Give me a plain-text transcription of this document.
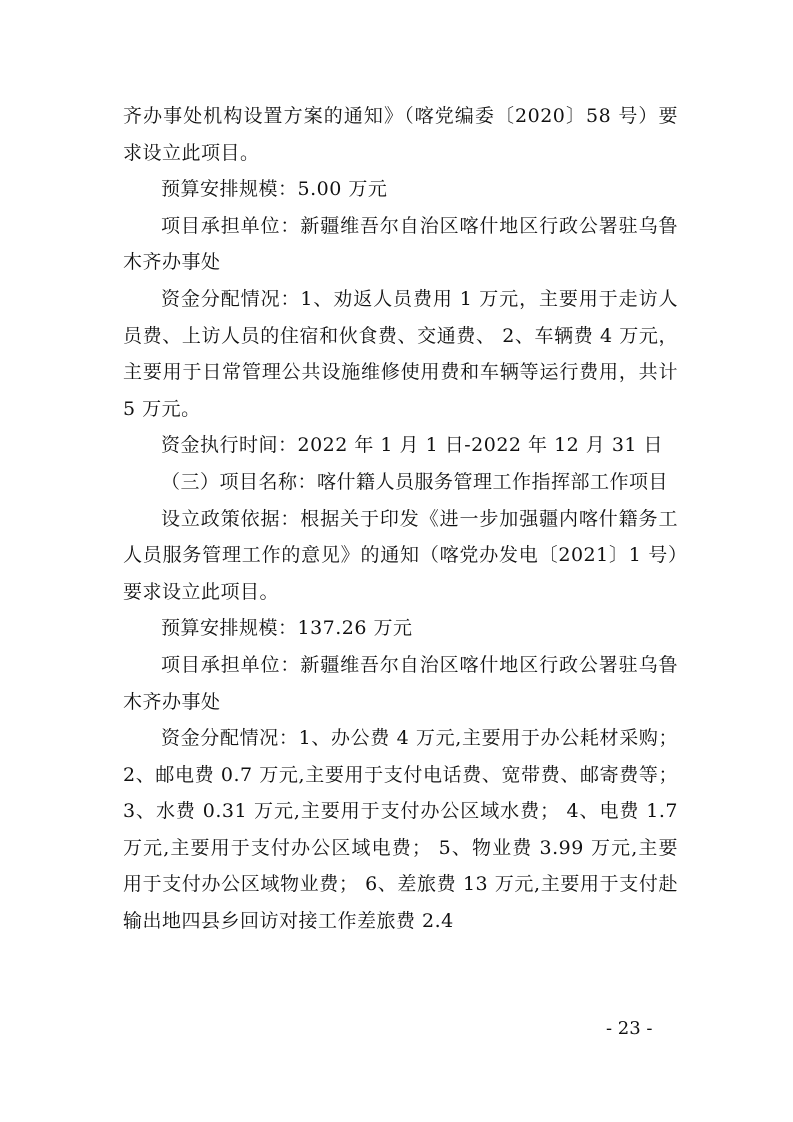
齐办事处机构设置方案的通知》（喀党编委〔2020〕58 号）要求设立此项目。

预算安排规模：5.00 万元

项目承担单位：新疆维吾尔自治区喀什地区行政公署驻乌鲁木齐办事处

资金分配情况：1、劝返人员费用 1 万元，主要用于走访人员费、上访人员的住宿和伙食费、交通费、 2、车辆费 4 万元，主要用于日常管理公共设施维修使用费和车辆等运行费用，共计 5 万元。

资金执行时间：2022 年 1 月 1 日-2022 年 12 月 31 日

（三）项目名称：喀什籍人员服务管理工作指挥部工作项目

设立政策依据：根据关于印发《进一步加强疆内喀什籍务工人员服务管理工作的意见》的通知（喀党办发电〔2021〕1 号）要求设立此项目。

预算安排规模：137.26 万元

项目承担单位：新疆维吾尔自治区喀什地区行政公署驻乌鲁木齐办事处

资金分配情况：1、办公费 4 万元,主要用于办公耗材采购； 2、邮电费 0.7 万元,主要用于支付电话费、宽带费、邮寄费等； 3、水费 0.31 万元,主要用于支付办公区域水费； 4、电费 1.7 万元,主要用于支付办公区域电费； 5、物业费 3.99 万元,主要用于支付办公区域物业费； 6、差旅费 13 万元,主要用于支付赴输出地四县乡回访对接工作差旅费 2.4

- 23 -
